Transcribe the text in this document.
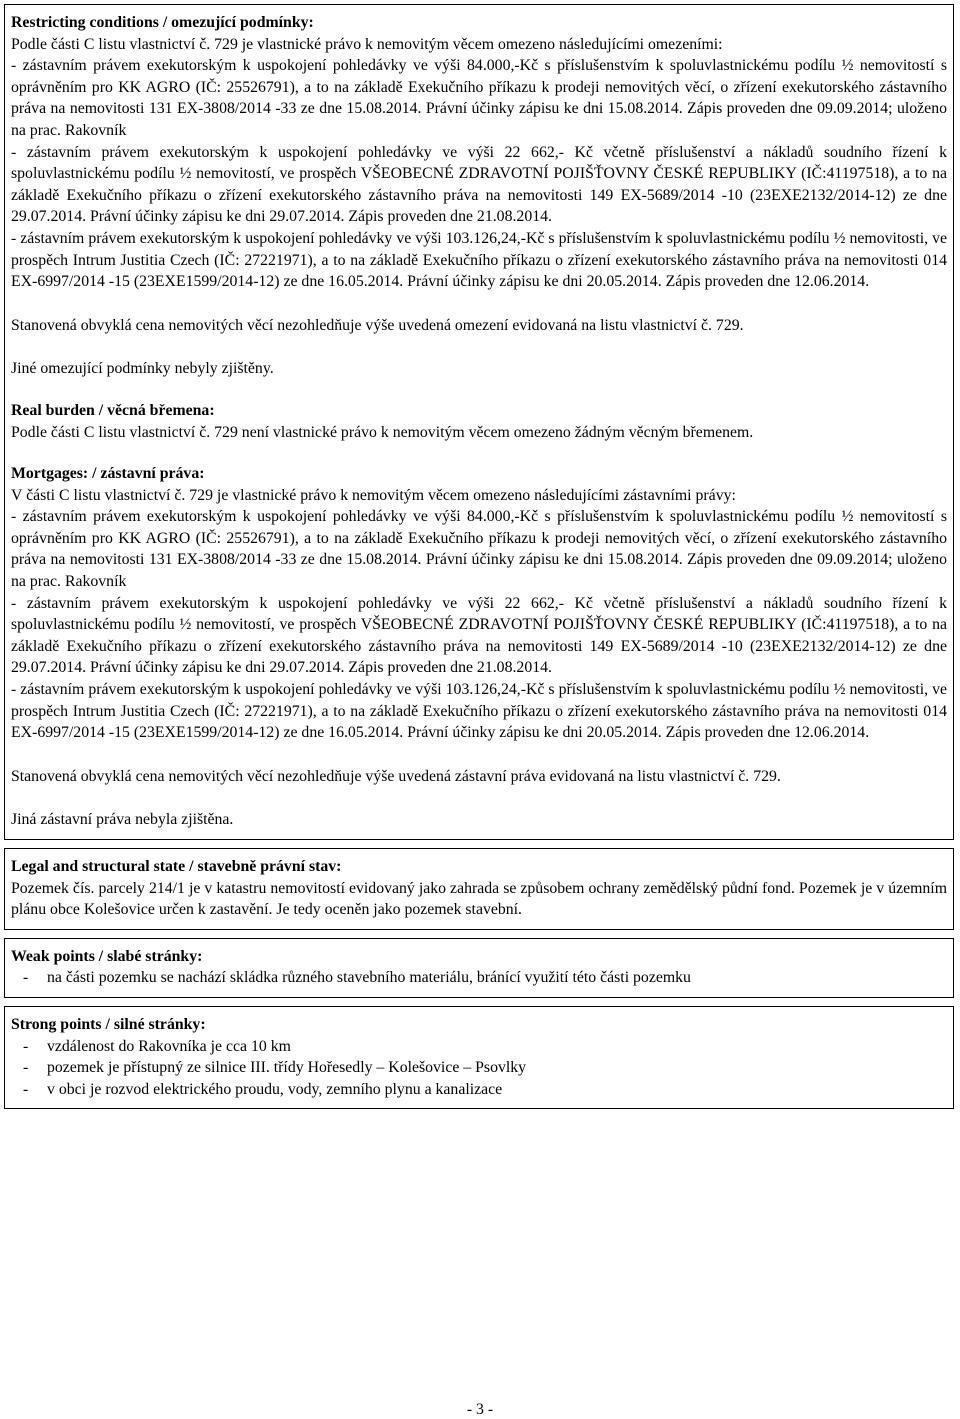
Restricting conditions / omezující podmínky:

Podle části C listu vlastnictví č. 729 je vlastnické právo k nemovitým věcem omezeno následujícími omezeními:

- zástavním právem exekutorským k uspokojení pohledávky ve výši 84.000,-Kč s příslušenstvím k spoluvlastnickému podílu ½ nemovitostí s oprávněním pro KK AGRO (IČ: 25526791), a to na základě Exekučního příkazu k prodeji nemovitých věcí, o zřízení exekutorského zástavního práva na nemovitosti 131 EX-3808/2014 -33 ze dne 15.08.2014. Právní účinky zápisu ke dni 15.08.2014. Zápis proveden dne 09.09.2014; uloženo na prac. Rakovník

- zástavním právem exekutorským k uspokojení pohledávky ve výši 22 662,- Kč včetně příslušenství a nákladů soudního řízení k spoluvlastnickému podílu ½ nemovitostí, ve prospěch VŠEOBECNÉ ZDRAVOTNÍ POJIŠŤOVNY ČESKÉ REPUBLIKY (IČ:41197518), a to na základě Exekučního příkazu o zřízení exekutorského zástavního práva na nemovitosti 149 EX-5689/2014 -10 (23EXE2132/2014-12) ze dne 29.07.2014. Právní účinky zápisu ke dni 29.07.2014. Zápis proveden dne 21.08.2014.

- zástavním právem exekutorským k uspokojení pohledávky ve výši 103.126,24,-Kč s příslušenstvím k spoluvlastnickému podílu ½ nemovitosti, ve prospěch Intrum Justitia Czech (IČ: 27221971), a to na základě Exekučního příkazu o zřízení exekutorského zástavního práva na nemovitosti 014 EX-6997/2014 -15 (23EXE1599/2014-12) ze dne 16.05.2014. Právní účinky zápisu ke dni 20.05.2014. Zápis proveden dne 12.06.2014.

Stanovená obvyklá cena nemovitých věcí nezohledňuje výše uvedená omezení evidovaná na listu vlastnictví č. 729.

Jiné omezující podmínky nebyly zjištěny.

Real burden / věcná břemena:

Podle části C listu vlastnictví č. 729 není vlastnické právo k nemovitým věcem omezeno žádným věcným břemenem.

Mortgages: / zástavní práva:

V části C listu vlastnictví č. 729 je vlastnické právo k nemovitým věcem omezeno následujícími zástavními právy:

- zástavním právem exekutorským k uspokojení pohledávky ve výši 84.000,-Kč s příslušenstvím k spoluvlastnickému podílu ½ nemovitostí s oprávněním pro KK AGRO (IČ: 25526791), a to na základě Exekučního příkazu k prodeji nemovitých věcí, o zřízení exekutorského zástavního práva na nemovitosti 131 EX-3808/2014 -33 ze dne 15.08.2014. Právní účinky zápisu ke dni 15.08.2014. Zápis proveden dne 09.09.2014; uloženo na prac. Rakovník

- zástavním právem exekutorským k uspokojení pohledávky ve výši 22 662,- Kč včetně příslušenství a nákladů soudního řízení k spoluvlastnickému podílu ½ nemovitostí, ve prospěch VŠEOBECNÉ ZDRAVOTNÍ POJIŠŤOVNY ČESKÉ REPUBLIKY (IČ:41197518), a to na základě Exekučního příkazu o zřízení exekutorského zástavního práva na nemovitosti 149 EX-5689/2014 -10 (23EXE2132/2014-12) ze dne 29.07.2014. Právní účinky zápisu ke dni 29.07.2014. Zápis proveden dne 21.08.2014.

- zástavním právem exekutorským k uspokojení pohledávky ve výši 103.126,24,-Kč s příslušenstvím k spoluvlastnickému podílu ½ nemovitosti, ve prospěch Intrum Justitia Czech (IČ: 27221971), a to na základě Exekučního příkazu o zřízení exekutorského zástavního práva na nemovitosti 014 EX-6997/2014 -15 (23EXE1599/2014-12) ze dne 16.05.2014. Právní účinky zápisu ke dni 20.05.2014. Zápis proveden dne 12.06.2014.

Stanovená obvyklá cena nemovitých věcí nezohledňuje výše uvedená zástavní práva evidovaná na listu vlastnictví č. 729.

Jiná zástavní práva nebyla zjištěna.

Legal and structural state / stavebně právní stav:

Pozemek čís. parcely 214/1 je v katastru nemovitostí evidovaný jako zahrada se způsobem ochrany zemědělský půdní fond. Pozemek je v územním plánu obce Kolešovice určen k zastavění. Je tedy oceněn jako pozemek stavební.

Weak points / slabé stránky:

-	na části pozemku se nachází skládka různého stavebního materiálu, bránící využití této části pozemku

Strong points / silné stránky:

-	vzdálenost do Rakovníka je cca 10 km
-	pozemek je přístupný ze silnice III. třídy Hořesedly – Kolešovice – Psovlky
-	v obci je rozvod elektrického proudu, vody, zemního plynu a kanalizace
- 3 -
